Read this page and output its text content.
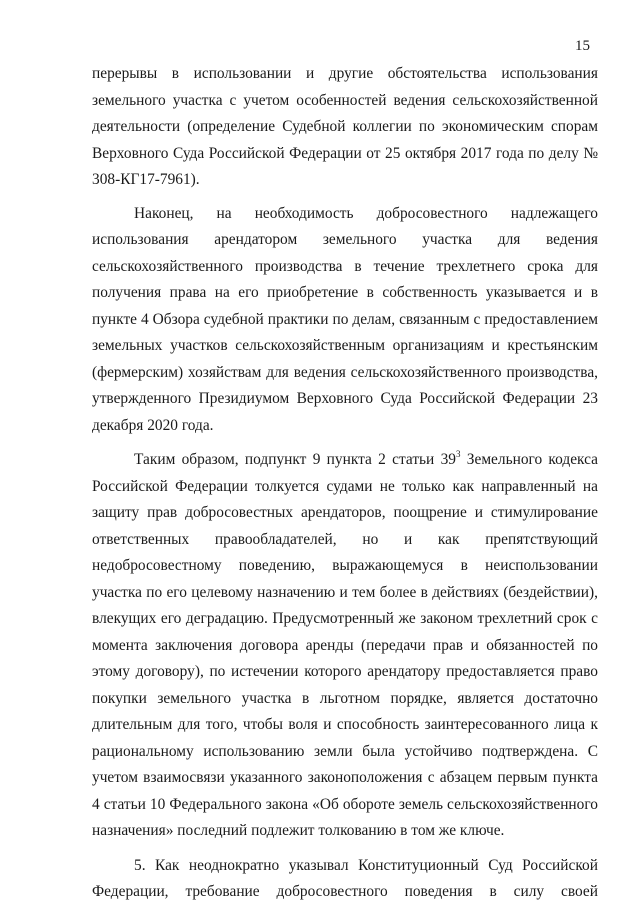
15

перерывы в использовании и другие обстоятельства использования земельного участка с учетом особенностей ведения сельскохозяйственной деятельности (определение Судебной коллегии по экономическим спорам Верховного Суда Российской Федерации от 25 октября 2017 года по делу № 308-КГ17-7961).

Наконец, на необходимость добросовестного надлежащего использования арендатором земельного участка для ведения сельскохозяйственного производства в течение трехлетнего срока для получения права на его приобретение в собственность указывается и в пункте 4 Обзора судебной практики по делам, связанным с предоставлением земельных участков сельскохозяйственным организациям и крестьянским (фермерским) хозяйствам для ведения сельскохозяйственного производства, утвержденного Президиумом Верховного Суда Российской Федерации 23 декабря 2020 года.

Таким образом, подпункт 9 пункта 2 статьи $39^3$ Земельного кодекса Российской Федерации толкуется судами не только как направленный на защиту прав добросовестных арендаторов, поощрение и стимулирование ответственных правообладателей, но и как препятствующий недобросовестному поведению, выражающемуся в неиспользовании участка по его целевому назначению и тем более в действиях (бездействии), влекущих его деградацию. Предусмотренный же законом трехлетний срок с момента заключения договора аренды (передачи прав и обязанностей по этому договору), по истечении которого арендатору предоставляется право покупки земельного участка в льготном порядке, является достаточно длительным для того, чтобы воля и способность заинтересованного лица к рациональному использованию земли была устойчиво подтверждена. С учетом взаимосвязи указанного законоположения с абзацем первым пункта 4 статьи 10 Федерального закона «Об обороте земель сельскохозяйственного назначения» последний подлежит толкованию в том же ключе.

5. Как неоднократно указывал Конституционный Суд Российской Федерации, требование добросовестного поведения в силу своей
